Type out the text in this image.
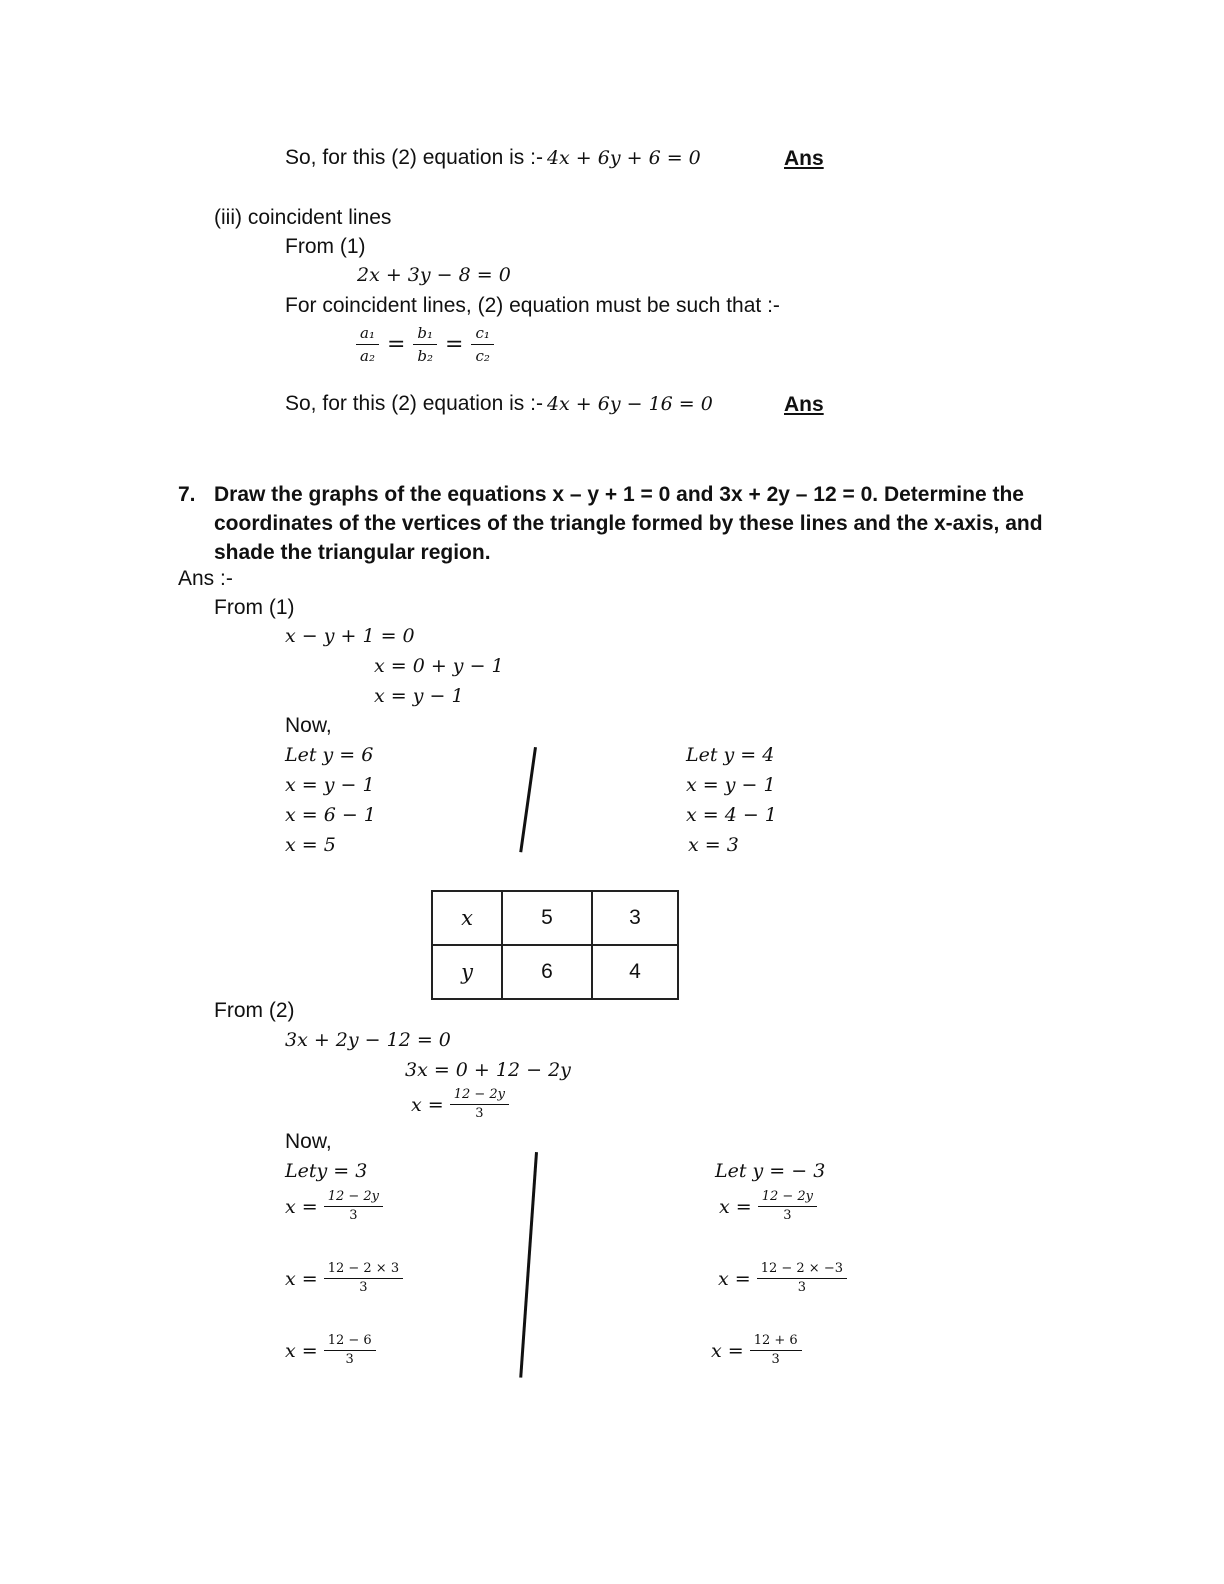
So, for this (2) equation is :- 4x + 6y + 6 = 0	Ans
(iii) coincident lines
From (1)
2x + 3y − 8 = 0
For coincident lines, (2) equation must be such that :-
$\frac{\text{a₁}}{\text{a₂}} = \frac{\text{b₁}}{\text{b₂}} = \frac{\text{c₁}}{\text{c₂}}$
So, for this (2) equation is :- 4x + 6y − 16 = 0	Ans
7. Draw the graphs of the equations x – y + 1 = 0 and 3x + 2y – 12 = 0. Determine the coordinates of the vertices of the triangle formed by these lines and the x-axis, and shade the triangular region.
Ans :-
From (1)
x − y + 1 = 0
x = 0 + y − 1
x = y − 1
Now,
Let y = 6
x = y − 1
x = 6 − 1
x = 5
Let y = 4
x = y − 1
x = 4 − 1
x = 3
x	5	3
y	6	4
From (2)
3x + 2y − 12 = 0
3x = 0 + 12 − 2y
$x = \frac{12 - 2y}{3}$
Now,
Lety = 3
$x = \frac{12 - 2y}{3}$
$x = \frac{12 - 2 \times 3}{3}$
$x = \frac{12 - 6}{3}$
Let y = − 3
$x = \frac{12 - 2y}{3}$
$x = \frac{12 - 2 \times -3}{3}$
$x = \frac{12 + 6}{3}$
